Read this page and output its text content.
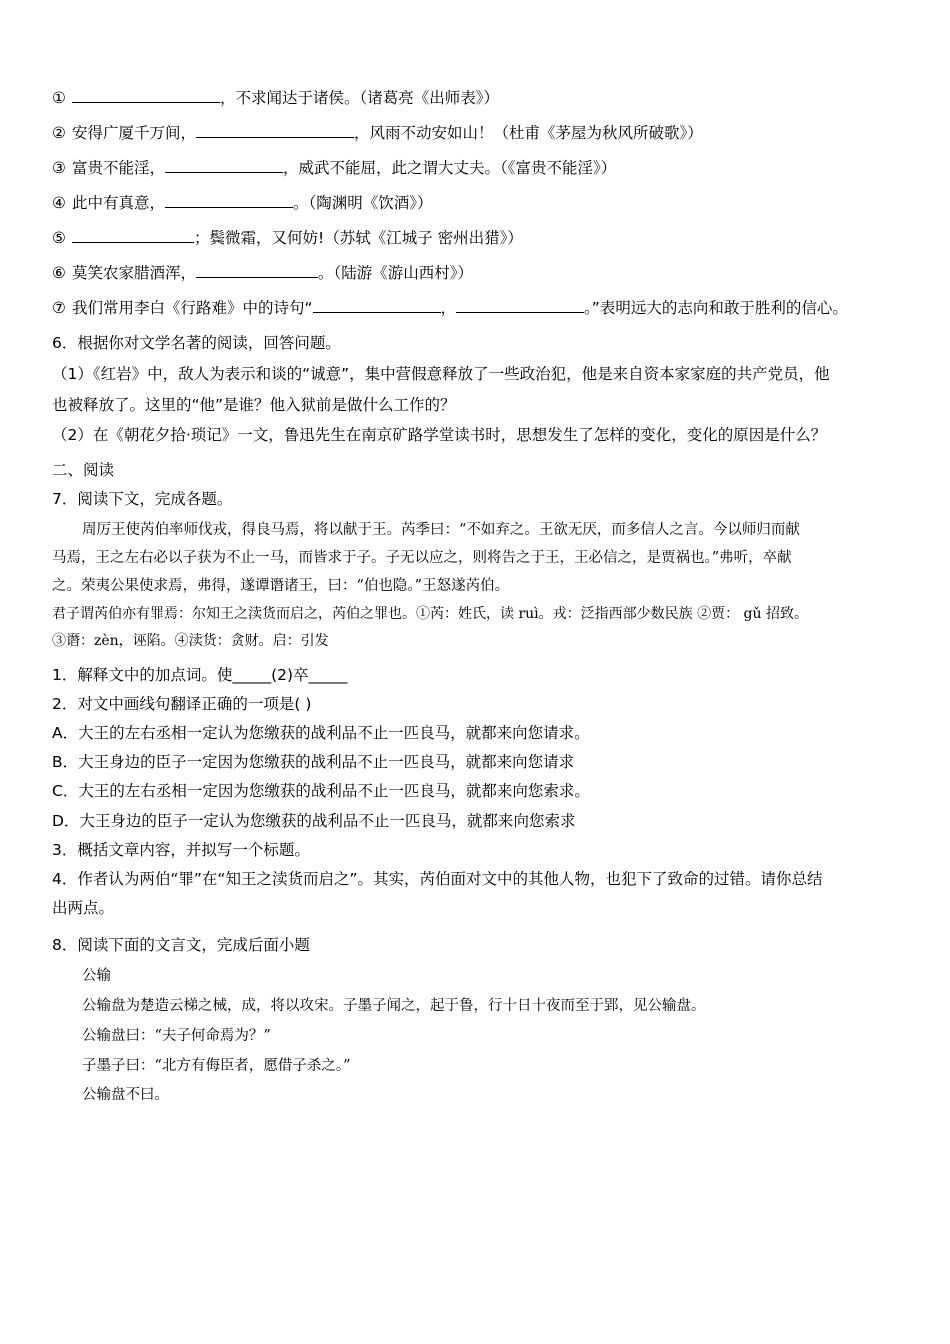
①	，不求闻达于诸侯。（诸葛亮《出师表》）
② 安得广厦千万间，	，风雨不动安如山！（杜甫《茅屋为秋风所破歌》）
③ 富贵不能淫，	，威武不能屈，此之谓大丈夫。（《富贵不能淫》）
④ 此中有真意，	。（陶渊明《饮酒》）
⑤	；鬓微霜，又何妨!（苏轼《江城子 密州出猎》）
⑥ 莫笑农家腊酒浑，	。（陆游《游山西村》）
⑦ 我们常用李白《行路难》中的诗句“	，	。”表明远大的志向和敢于胜利的信心。
6．根据你对文学名著的阅读，回答问题。
（1）《红岩》中，敌人为表示和谈的“诚意”，集中营假意释放了一些政治犯，他是来自资本家家庭的共产党员，他
也被释放了。这里的“他”是谁？他入狱前是做什么工作的？
（2）在《朝花夕拾·琐记》一文，鲁迅先生在南京矿路学堂读书时，思想发生了怎样的变化，变化的原因是什么？
二、阅读
7．阅读下文，完成各题。
周厉王使芮伯率师伐戎，得良马焉，将以献于王。芮季曰：“不如弃之。王欲无厌，而多信人之言。今以师归而献
马焉，王之左右必以子获为不止一马，而皆求于子。子无以应之，则将告之于王，王必信之，是贾祸也。”弗听，卒献
之。荣夷公果使求焉，弗得，遂谭谮诸王，曰：“伯也隐。”王怒遂芮伯。
君子谓芮伯亦有罪焉：尔知王之渎货而启之，芮伯之罪也。①芮：姓氏，读 ruì。戎：泛指西部少数民族 ②贾： gǔ 招致。
③谮：zèn，诬陷。④渎货：贪财。启：引发
1．解释文中的加点词。使_____(2)卒_____
2．对文中画线句翻译正确的一项是( )
A．大王的左右丞相一定认为您缴获的战利品不止一匹良马，就都来向您请求。
B．大王身边的臣子一定因为您缴获的战利品不止一匹良马，就都来向您请求
C．大王的左右丞相一定因为您缴获的战利品不止一匹良马，就都来向您索求。
D．大王身边的臣子一定认为您缴获的战利品不止一匹良马，就都来向您索求
3．概括文章内容，并拟写一个标题。
4．作者认为两伯“罪”在“知王之渎货而启之”。其实，芮伯面对文中的其他人物，也犯下了致命的过错。请你总结
出两点。
8．阅读下面的文言文，完成后面小题
公输
公输盘为楚造云梯之械，成，将以攻宋。子墨子闻之，起于鲁，行十日十夜而至于郢，见公输盘。
公输盘曰：“夫子何命焉为？”
子墨子曰：“北方有侮臣者，愿借子杀之。”
公输盘不曰。
